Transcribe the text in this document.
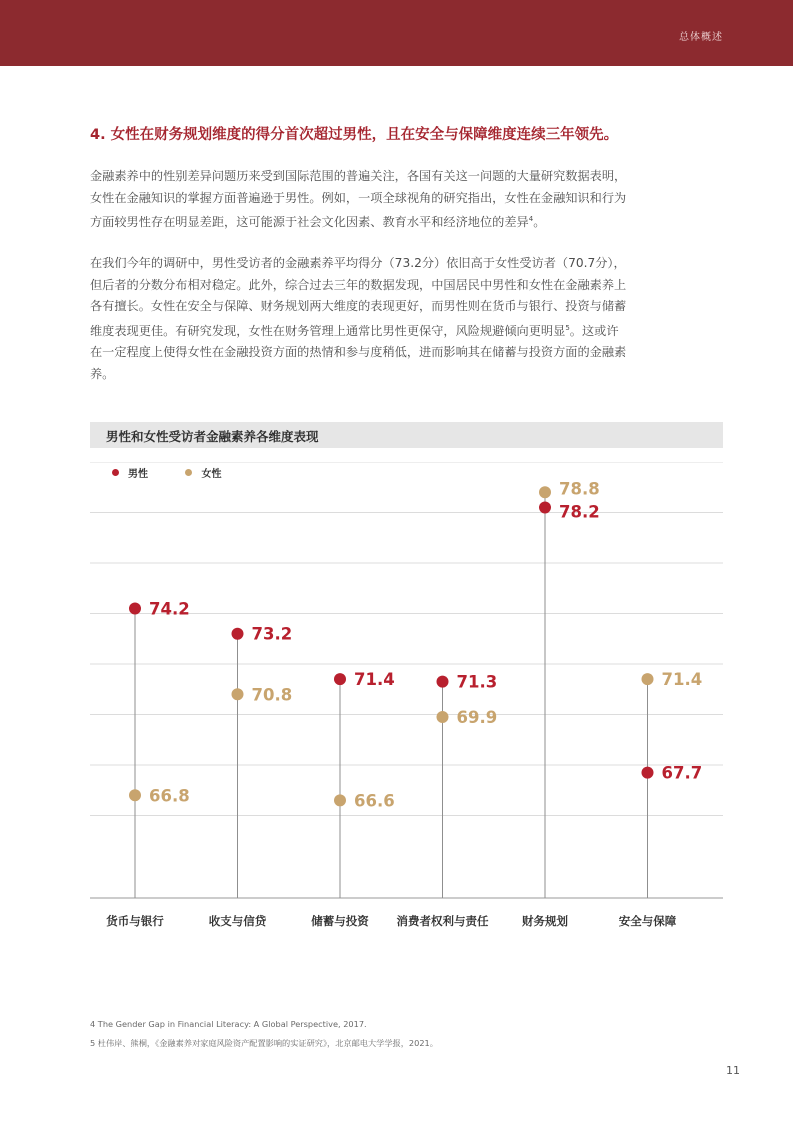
总体概述
4. 女性在财务规划维度的得分首次超过男性，且在安全与保障维度连续三年领先。

金融素养中的性别差异问题历来受到国际范围的普遍关注，各国有关这一问题的大量研究数据表明，
女性在金融知识的掌握方面普遍逊于男性。例如，一项全球视角的研究指出，女性在金融知识和行为
方面较男性存在明显差距，这可能源于社会文化因素、教育水平和经济地位的差异$^4$。

在我们今年的调研中，男性受访者的金融素养平均得分（73.2分）依旧高于女性受访者（70.7分），
但后者的分数分布相对稳定。此外，综合过去三年的数据发现，中国居民中男性和女性在金融素养上
各有擅长。女性在安全与保障、财务规划两大维度的表现更好，而男性则在货币与银行、投资与储蓄
维度表现更佳。有研究发现，女性在财务管理上通常比男性更保守，风险规避倾向更明显$^5$。这或许
在一定程度上使得女性在金融投资方面的热情和参与度稍低，进而影响其在储蓄与投资方面的金融素
养。

男性和女性受访者金融素养各维度表现
男性	女性
货币与银行	收支与信贷	储蓄与投资 消费者权利与责任	财务规划	安全与保障
74.2
73.2
71.4	71.3
78.2
67.7
66.8
70.8
66.6
69.9
78.8
71.4
4 The Gender Gap in Financial Literacy: A Global Perspective, 2017.
5 杜伟岸、熊桐，《金融素养对家庭风险资产配置影响的实证研究》，北京邮电大学学报，2021。
11
